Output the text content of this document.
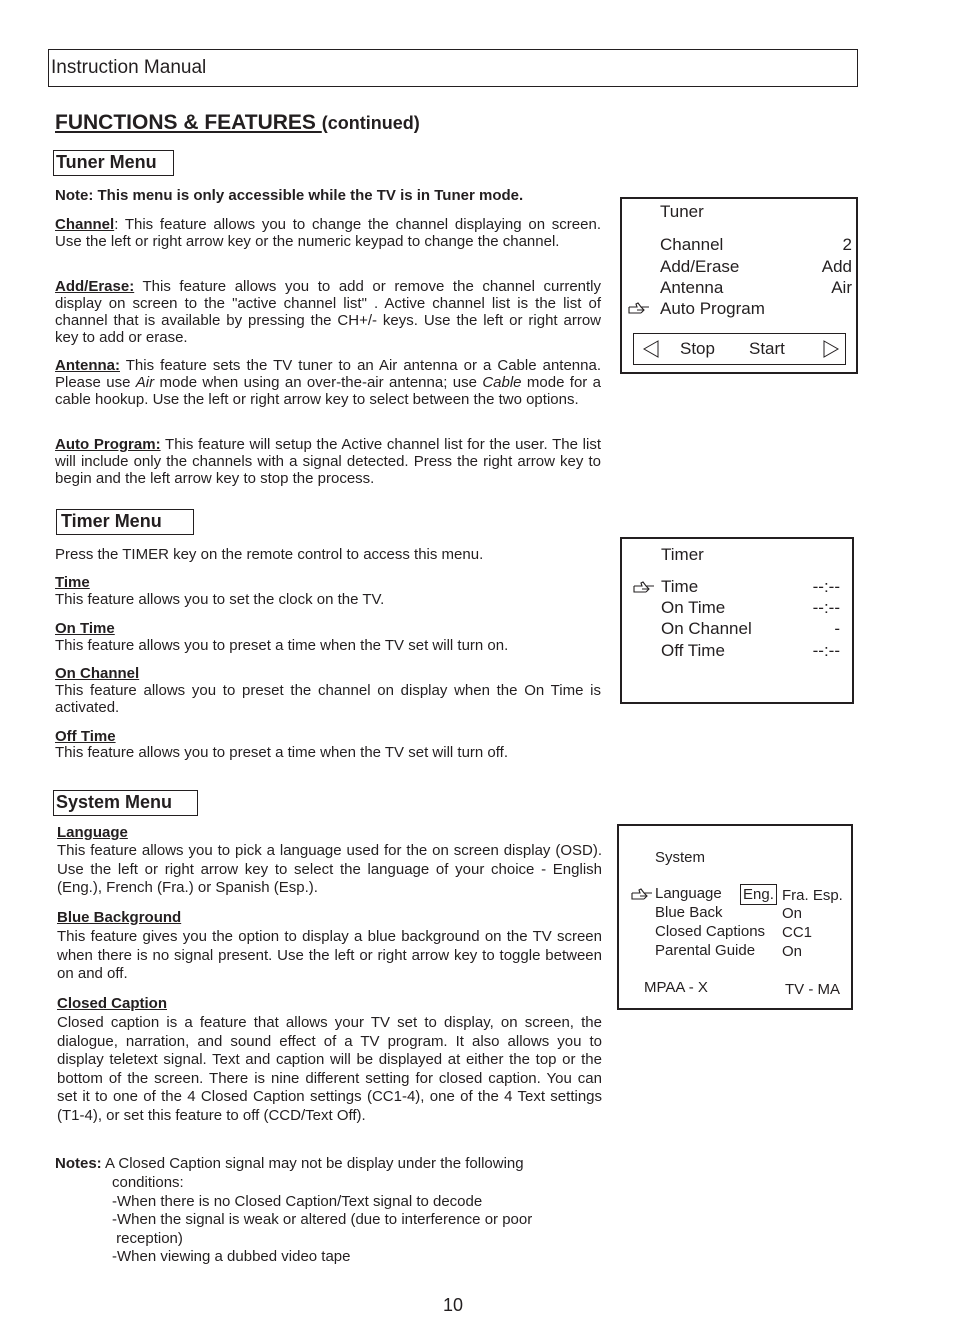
Instruction Manual
FUNCTIONS & FEATURES (continued)
Tuner Menu
Note: This menu is only accessible while the TV is in Tuner mode.
Channel: This feature allows you to change the channel displaying on screen. Use the left or right arrow key or the numeric keypad to change the channel.
Add/Erase: This feature allows you to add or remove the channel currently display on screen to the "active channel list" . Active channel list is the list of channel that is available by pressing the CH+/- keys. Use the left or right arrow key to add or erase.
Antenna: This feature sets the TV tuner to an Air antenna or a Cable antenna. Please use Air mode when using an over-the-air antenna; use Cable mode for a cable hookup. Use the left or right arrow key to select between the two options.
Auto Program: This feature will setup the Active channel list for the user. The list will include only the channels with a signal detected. Press the right arrow key to begin and the left arrow key to stop the process.
Tuner
Channel	2
Add/Erase	Add
Antenna	Air
Auto Program
Stop Start
Timer Menu
Press the TIMER key on the remote control to access this menu.
Time
This feature allows you to set the clock on the TV.
On Time
This feature allows you to preset a time when the TV set will turn on.
On Channel
This feature allows you to preset the channel on display when the On Time is activated.
Off Time
This feature allows you to preset a time when the TV set will turn off.
Timer
Time	--:--
On Time	--:--
On Channel	-
Off Time	--:--
System Menu
Language
This feature allows you to pick a language used for the on screen display (OSD). Use the left or right arrow key to select the language of your choice - English (Eng.), French (Fra.) or Spanish (Esp.).
Blue Background
This feature gives you the option to display a blue background on the TV screen when there is no signal present. Use the left or right arrow key to toggle between on and off.
Closed Caption
Closed caption is a feature that allows your TV set to display, on screen, the dialogue, narration, and sound effect of a TV program. It also allows you to display teletext signal. Text and caption will be displayed at either the top or the bottom of the screen. There is nine different setting for closed caption. You can set it to one of the 4 Closed Caption settings (CC1-4), one of the 4 Text settings (T1-4), or set this feature to off (CCD/Text Off).
Notes: A Closed Caption signal may not be display under the following
conditions:
-When there is no Closed Caption/Text signal to decode
-When the signal is weak or altered (due to interference or poor
reception)
-When viewing a dubbed video tape
System
Language Eng. Fra. Esp.
Blue Back	On
Closed Captions CC1
Parental Guide On
MPAA - X	TV - MA
10
